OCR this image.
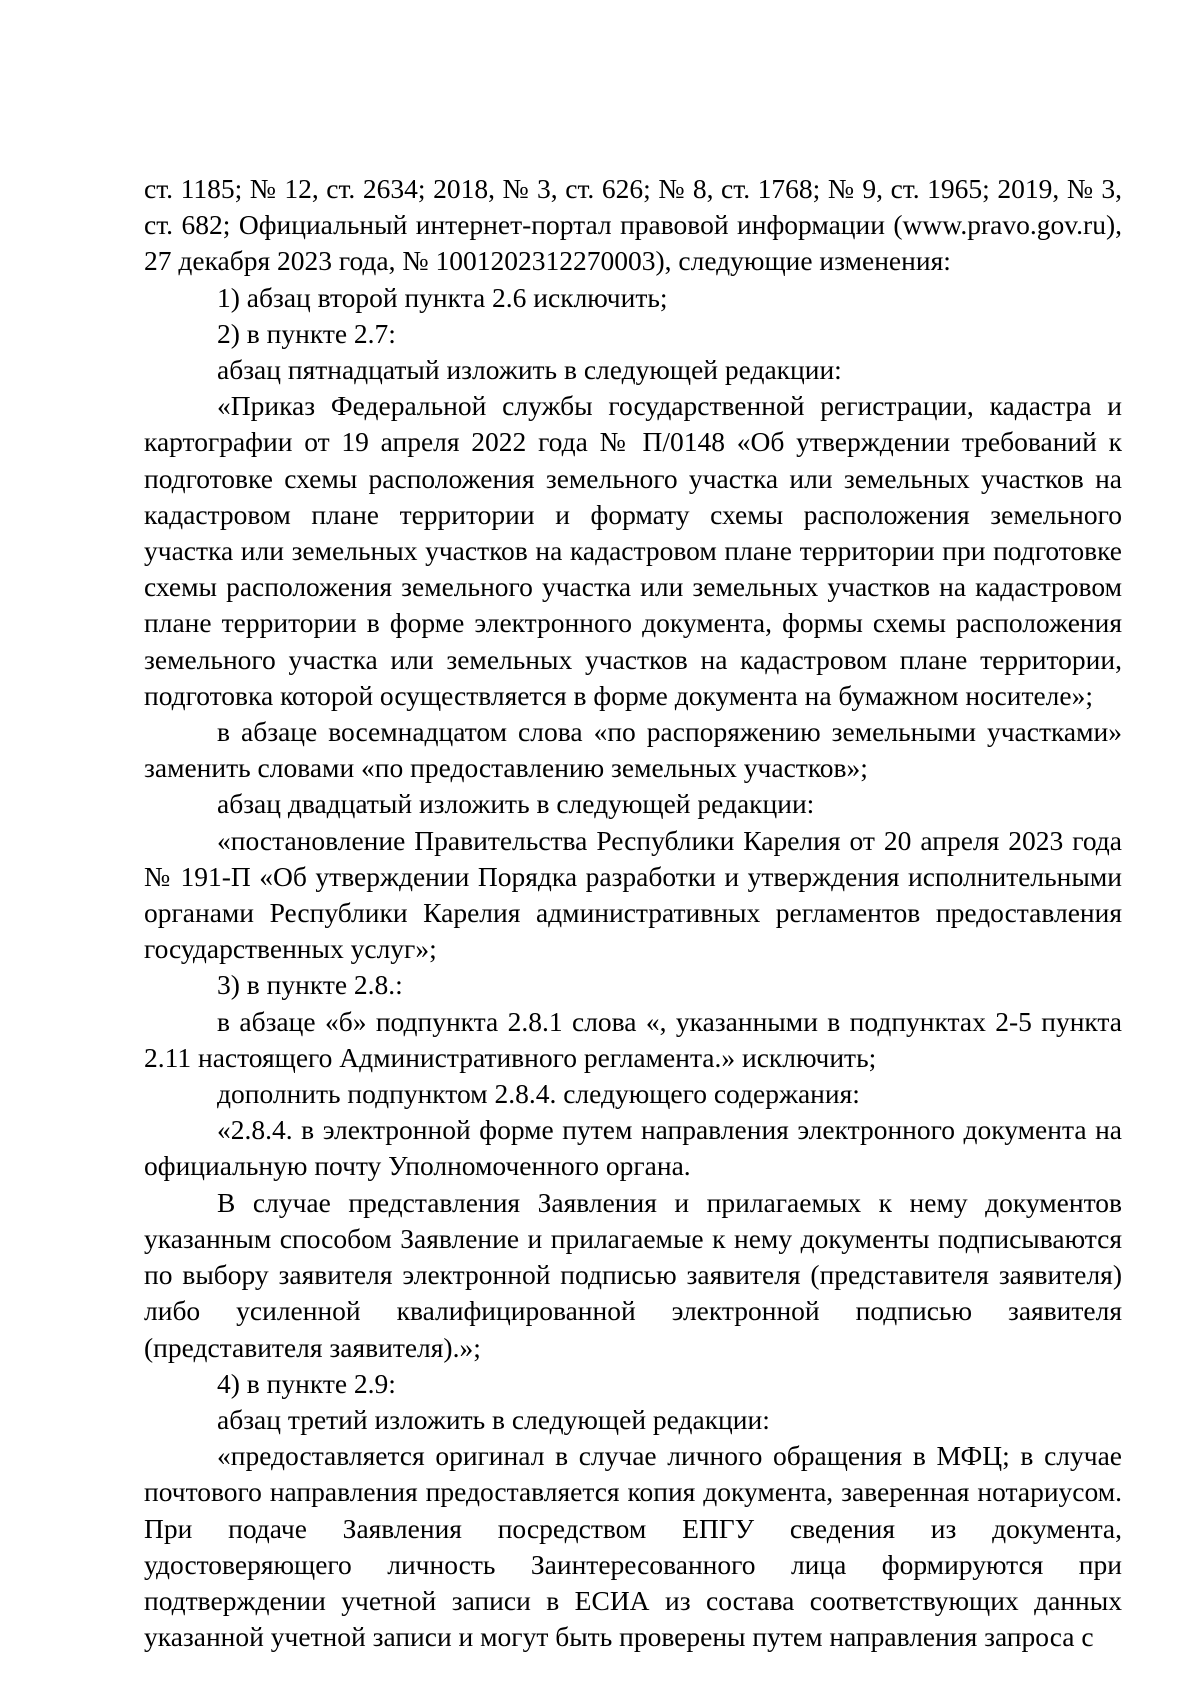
ст. 1185; № 12, ст. 2634; 2018, № 3, ст. 626; № 8, ст. 1768; № 9, ст. 1965; 2019, № 3, ст. 682; Официальный интернет-портал правовой информации (www.pravo.gov.ru), 27 декабря 2023 года, № 1001202312270003), следующие изменения:

1) абзац второй пункта 2.6 исключить;

2) в пункте 2.7:

абзац пятнадцатый изложить в следующей редакции:

«Приказ Федеральной службы государственной регистрации, кадастра и картографии от 19 апреля 2022 года № П/0148 «Об утверждении требований к подготовке схемы расположения земельного участка или земельных участков на кадастровом плане территории и формату схемы расположения земельного участка или земельных участков на кадастровом плане территории при подготовке схемы расположения земельного участка или земельных участков на кадастровом плане территории в форме электронного документа, формы схемы расположения земельного участка или земельных участков на кадастровом плане территории, подготовка которой осуществляется в форме документа на бумажном носителе»;

в абзаце восемнадцатом слова «по распоряжению земельными участками» заменить словами «по предоставлению земельных участков»;

абзац двадцатый изложить в следующей редакции:

«постановление Правительства Республики Карелия от 20 апреля 2023 года № 191-П «Об утверждении Порядка разработки и утверждения исполнительными органами Республики Карелия административных регламентов предоставления государственных услуг»;

3) в пункте 2.8.:

в абзаце «б» подпункта 2.8.1 слова «, указанными в подпунктах 2-5 пункта 2.11 настоящего Административного регламента.» исключить;

дополнить подпунктом 2.8.4. следующего содержания:

«2.8.4. в электронной форме путем направления электронного документа на официальную почту Уполномоченного органа.

В случае представления Заявления и прилагаемых к нему документов указанным способом Заявление и прилагаемые к нему документы подписываются по выбору заявителя электронной подписью заявителя (представителя заявителя) либо усиленной квалифицированной электронной подписью заявителя (представителя заявителя).»;

4) в пункте 2.9:

абзац третий изложить в следующей редакции:

«предоставляется оригинал в случае личного обращения в МФЦ; в случае почтового направления предоставляется копия документа, заверенная нотариусом. При подаче Заявления посредством ЕПГУ сведения из документа, удостоверяющего личность Заинтересованного лица формируются при подтверждении учетной записи в ЕСИА из состава соответствующих данных указанной учетной записи и могут быть проверены путем направления запроса с
